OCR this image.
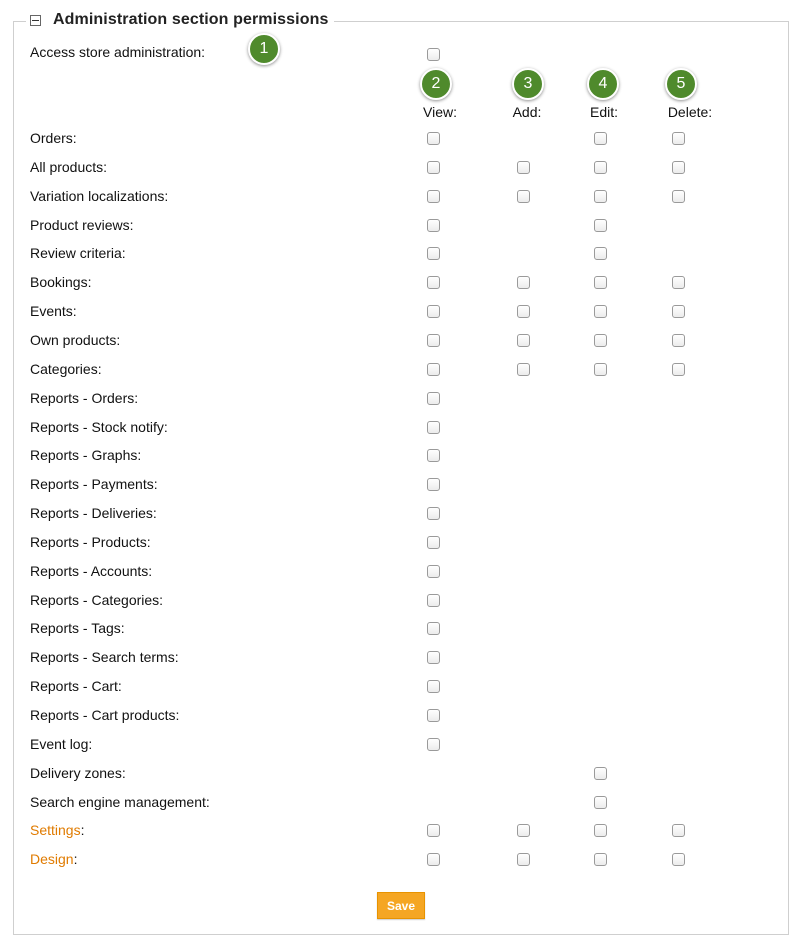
Administration section permissions
Access store administration:	1
View:
2
Add:
3
Edit:
4
Delete:
5
Orders:
All products:
Variation localizations:
Product reviews:
Review criteria:
Bookings:
Events:
Own products:
Categories:
Reports - Orders:
Reports - Stock notify:
Reports - Graphs:
Reports - Payments:
Reports - Deliveries:
Reports - Products:
Reports - Accounts:
Reports - Categories:
Reports - Tags:
Reports - Search terms:
Reports - Cart:
Reports - Cart products:
Event log:
Delivery zones:
Search engine management:
Settings:
Design:
Save
